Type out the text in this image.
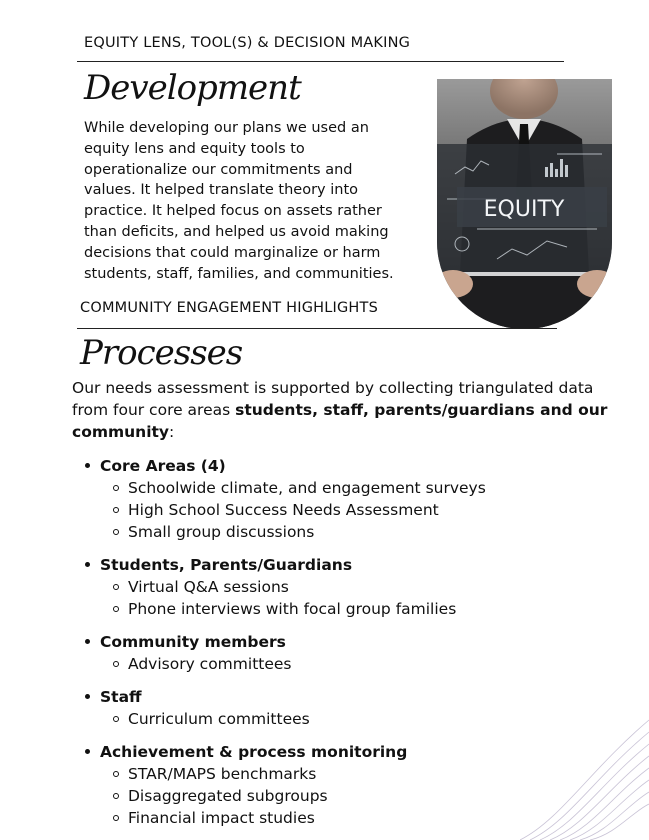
EQUITY LENS, TOOL(S) & DECISION MAKING
Development
While developing our plans we used an equity lens and equity tools to operationalize our commitments and values. It helped translate theory into practice. It helped focus on assets rather than deficits, and helped us avoid making decisions that could marginalize or harm students, staff, families, and communities.
EQUITY
COMMUNITY ENGAGEMENT HIGHLIGHTS
Processes
Our needs assessment is supported by collecting triangulated data from four core areas students, staff, parents/guardians and our community:
Core Areas (4)
Schoolwide climate, and engagement surveys
High School Success Needs Assessment
Small group discussions
Students, Parents/Guardians
Virtual Q&A sessions
Phone interviews with focal group families
Community members
Advisory committees
Staff
Curriculum committees
Achievement & process monitoring
STAR/MAPS benchmarks
Disaggregated subgroups
Financial impact studies
